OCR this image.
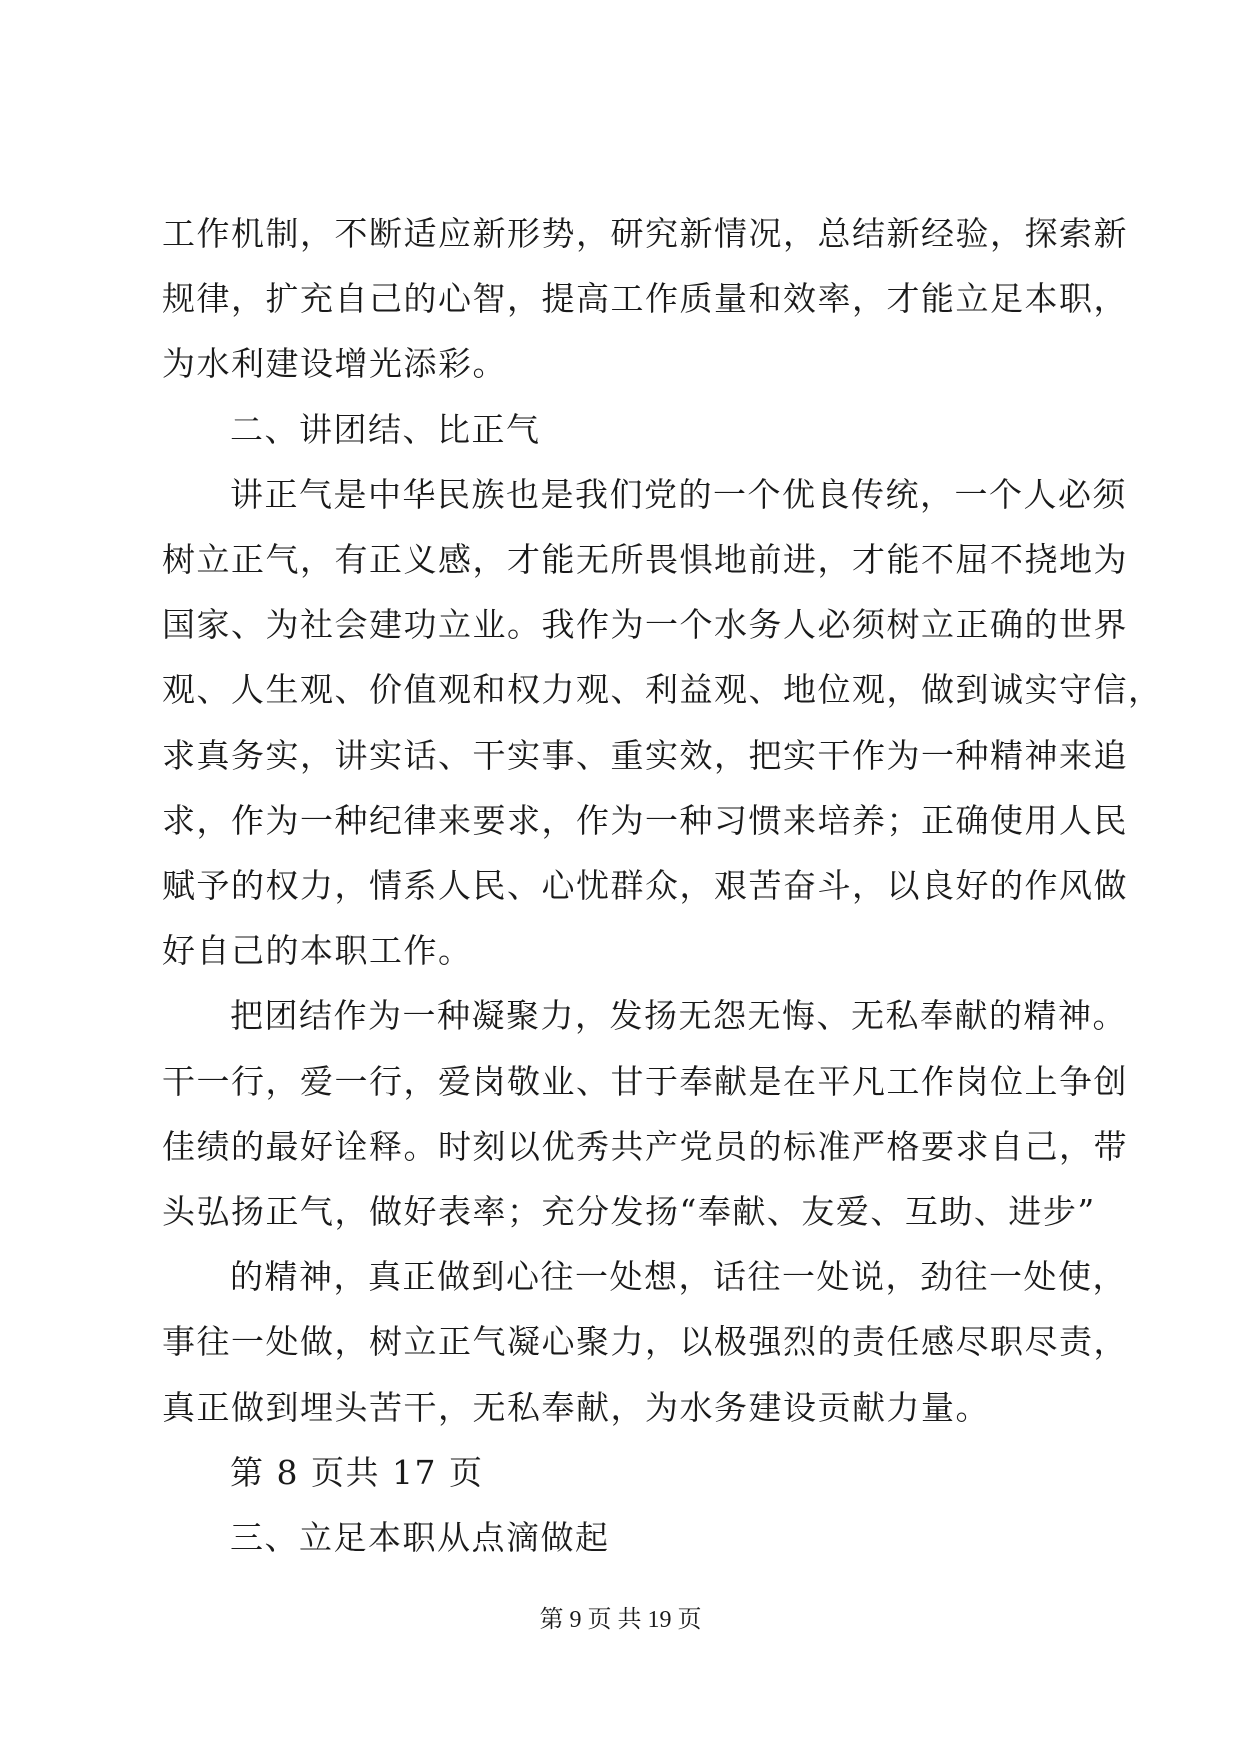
工作机制，不断适应新形势，研究新情况，总结新经验，探索新
规律，扩充自己的心智，提高工作质量和效率，才能立足本职，
为水利建设增光添彩。
二、讲团结、比正气
讲正气是中华民族也是我们党的一个优良传统，一个人必须
树立正气，有正义感，才能无所畏惧地前进，才能不屈不挠地为
国家、为社会建功立业。我作为一个水务人必须树立正确的世界
观、人生观、价值观和权力观、利益观、地位观，做到诚实守信，
求真务实，讲实话、干实事、重实效，把实干作为一种精神来追
求，作为一种纪律来要求，作为一种习惯来培养；正确使用人民
赋予的权力，情系人民、心忧群众，艰苦奋斗，以良好的作风做
好自己的本职工作。
把团结作为一种凝聚力，发扬无怨无悔、无私奉献的精神。
干一行，爱一行，爱岗敬业、甘于奉献是在平凡工作岗位上争创
佳绩的最好诠释。时刻以优秀共产党员的标准严格要求自己，带
头弘扬正气，做好表率；充分发扬“奉献、友爱、互助、进步”
的精神，真正做到心往一处想，话往一处说，劲往一处使，
事往一处做，树立正气凝心聚力，以极强烈的责任感尽职尽责，
真正做到埋头苦干，无私奉献，为水务建设贡献力量。
第 8 页共 17 页
三、立足本职从点滴做起
第 9 页 共 19 页
